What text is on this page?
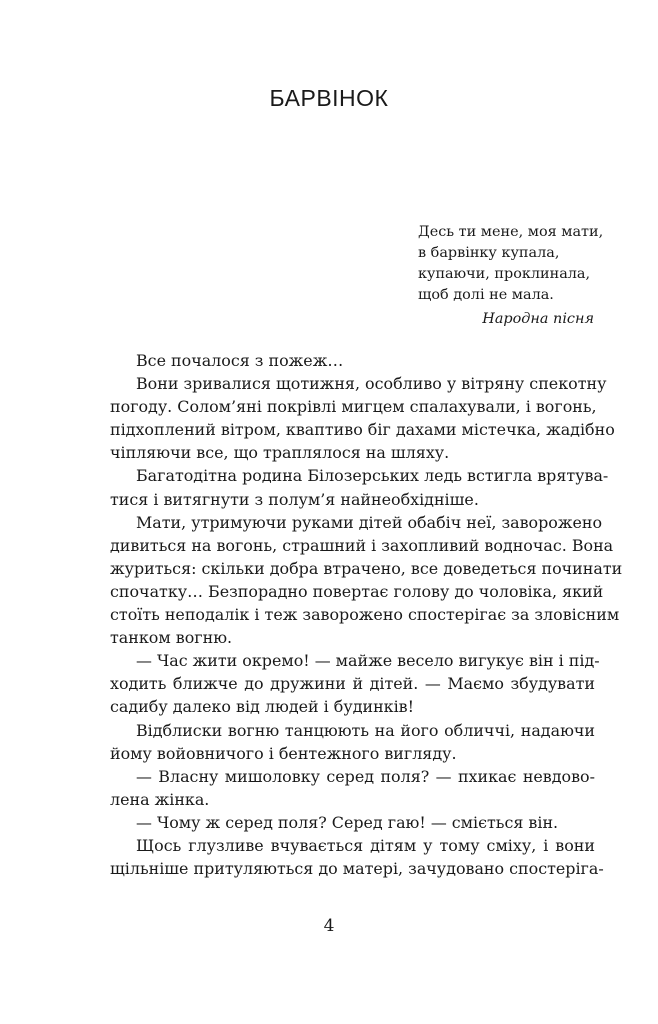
БАРВІНОК
Десь ти мене, моя мати,
в барвінку купала,
купаючи, проклинала,
щоб долі не мала.
Народна пісня
Все почалося з пожеж…
Вони зривалися щотижня, особливо у вітряну спекотну
погоду. Солом’яні покрівлі мигцем спалахували, і вогонь,
підхоплений вітром, кваптиво біг дахами містечка, жадібно
чіпляючи все, що траплялося на шляху.
Багатодітна родина Білозерських ледь встигла врятува-
тися і витягнути з полум’я найнеобхідніше.
Мати, утримуючи руками дітей обабіч неї, заворожено
дивиться на вогонь, страшний і захопливий водночас. Вона
журиться: скільки добра втрачено, все доведеться починати
спочатку… Безпорадно повертає голову до чоловіка, який
стоїть неподалік і теж заворожено спостерігає за зловісним
танком вогню.
— Час жити окремо! — майже весело вигукує він і під-
ходить ближче до дружини й дітей. — Маємо збудувати
садибу далеко від людей і будинків!
Відблиски вогню танцюють на його обличчі, надаючи
йому войовничого і бентежного вигляду.
— Власну мишоловку серед поля? — пхикає невдово-
лена жінка.
— Чому ж серед поля? Серед гаю! — сміється він.
Щось глузливе вчувається дітям у тому сміху, і вони
щільніше притуляються до матері, зачудовано спостеріга-
4
